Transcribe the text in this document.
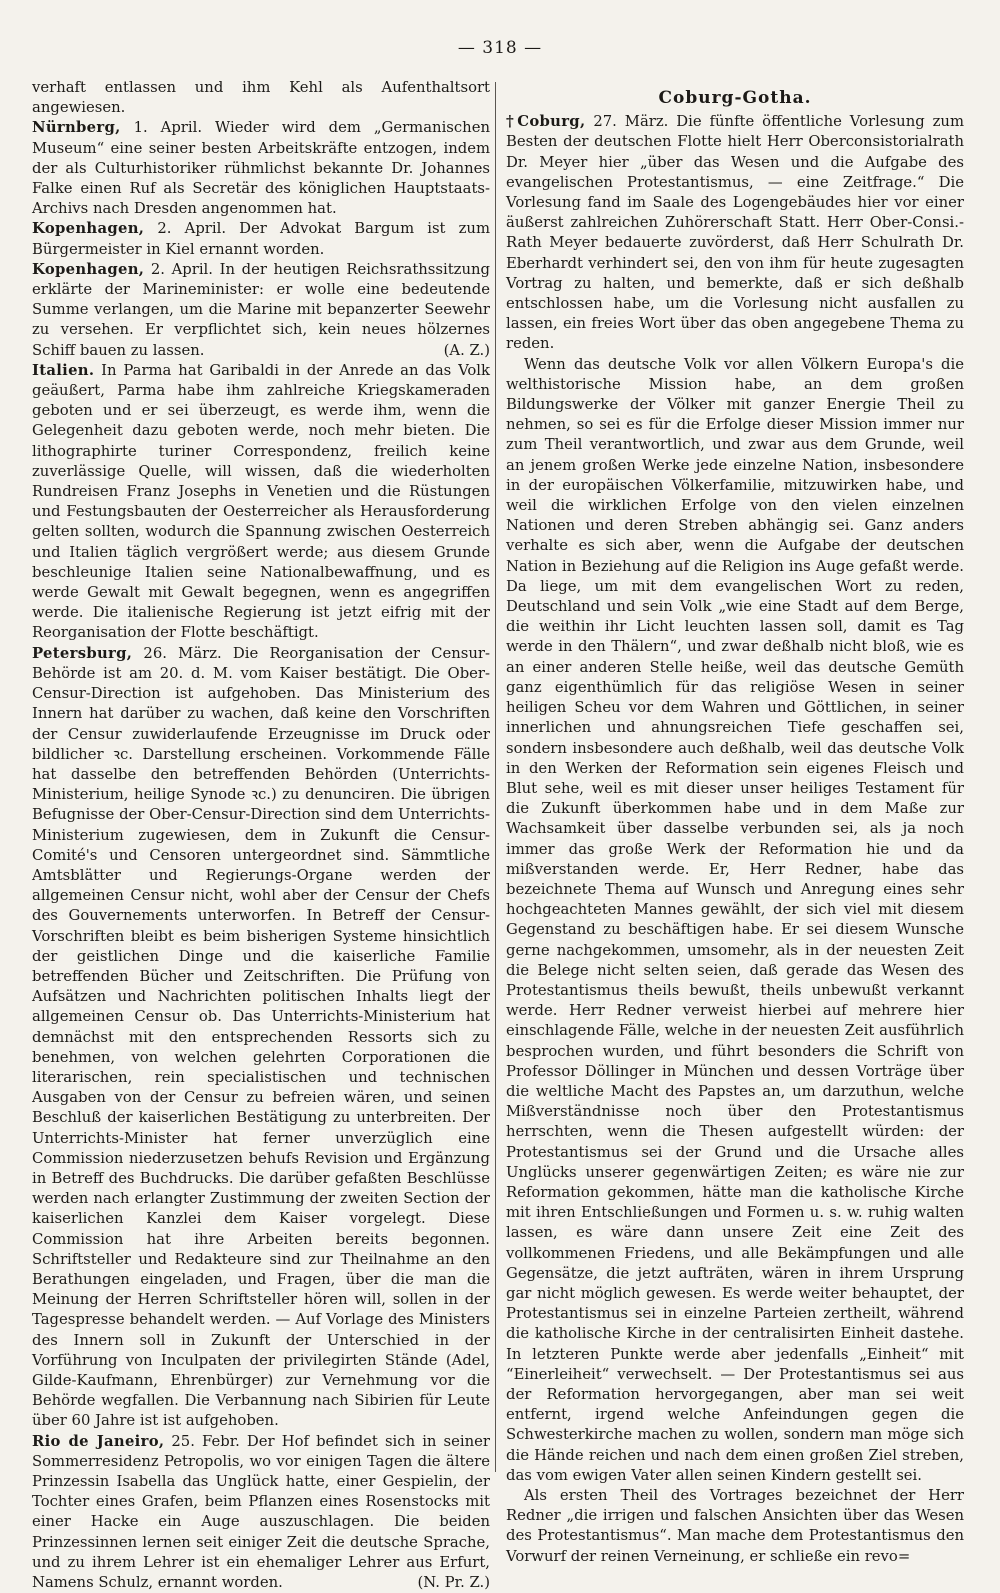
— 318 —

verhaft entlassen und ihm Kehl als Aufenthaltsort angewiesen.

Nürnberg, 1. April. Wieder wird dem „Germanischen Museum“ eine seiner besten Arbeitskräfte entzogen, indem der als Culturhistoriker rühmlichst bekannte Dr. Johannes Falke einen Ruf als Secretär des königlichen Hauptstaats-Archivs nach Dresden angenommen hat.

Kopenhagen, 2. April. Der Advokat Bargum ist zum Bürgermeister in Kiel ernannt worden.

Kopenhagen, 2. April. In der heutigen Reichsrathssitzung erklärte der Marineminister: er wolle eine bedeutende Summe verlangen, um die Marine mit bepanzerter Seewehr zu versehen. Er verpflichtet sich, kein neues hölzernes Schiff bauen zu lassen.	(A. Z.)

Italien. In Parma hat Garibaldi in der Anrede an das Volk geäußert, Parma habe ihm zahlreiche Kriegskameraden geboten und er sei überzeugt, es werde ihm, wenn die Gelegenheit dazu geboten werde, noch mehr bieten. Die lithographirte turiner Correspondenz, freilich keine zuverlässige Quelle, will wissen, daß die wiederholten Rundreisen Franz Josephs in Venetien und die Rüstungen und Festungsbauten der Oesterreicher als Herausforderung gelten sollten, wodurch die Spannung zwischen Oesterreich und Italien täglich vergrößert werde; aus diesem Grunde beschleunige Italien seine Nationalbewaffnung, und es werde Gewalt mit Gewalt begegnen, wenn es angegriffen werde. Die italienische Regierung ist jetzt eifrig mit der Reorganisation der Flotte beschäftigt.

Petersburg, 26. März. Die Reorganisation der Censur-Behörde ist am 20. d. M. vom Kaiser bestätigt. Die Ober-Censur-Direction ist aufgehoben. Das Ministerium des Innern hat darüber zu wachen, daß keine den Vorschriften der Censur zuwiderlaufende Erzeugnisse im Druck oder bildlicher ꝛc. Darstellung erscheinen. Vorkommende Fälle hat dasselbe den betreffenden Behörden (Unterrichts-Ministerium, heilige Synode ꝛc.) zu denunciren. Die übrigen Befugnisse der Ober-Censur-Direction sind dem Unterrichts-Ministerium zugewiesen, dem in Zukunft die Censur-Comité's und Censoren untergeordnet sind. Sämmtliche Amtsblätter und Regierungs-Organe werden der allgemeinen Censur nicht, wohl aber der Censur der Chefs des Gouvernements unterworfen. In Betreff der Censur-Vorschriften bleibt es beim bisherigen Systeme hinsichtlich der geistlichen Dinge und die kaiserliche Familie betreffenden Bücher und Zeitschriften. Die Prüfung von Aufsätzen und Nachrichten politischen Inhalts liegt der allgemeinen Censur ob. Das Unterrichts-Ministerium hat demnächst mit den entsprechenden Ressorts sich zu benehmen, von welchen gelehrten Corporationen die literarischen, rein specialistischen und technischen Ausgaben von der Censur zu befreien wären, und seinen Beschluß der kaiserlichen Bestätigung zu unterbreiten. Der Unterrichts-Minister hat ferner unverzüglich eine Commission niederzusetzen behufs Revision und Ergänzung in Betreff des Buchdrucks. Die darüber gefaßten Beschlüsse werden nach erlangter Zustimmung der zweiten Section der kaiserlichen Kanzlei dem Kaiser vorgelegt. Diese Commission hat ihre Arbeiten bereits begonnen. Schriftsteller und Redakteure sind zur Theilnahme an den Berathungen eingeladen, und Fragen, über die man die Meinung der Herren Schriftsteller hören will, sollen in der Tagespresse behandelt werden. — Auf Vorlage des Ministers des Innern soll in Zukunft der Unterschied in der Vorführung von Inculpaten der privilegirten Stände (Adel, Gilde-Kaufmann, Ehrenbürger) zur Vernehmung vor die Behörde wegfallen. Die Verbannung nach Sibirien für Leute über 60 Jahre ist ist aufgehoben.

Rio de Janeiro, 25. Febr. Der Hof befindet sich in seiner Sommerresidenz Petropolis, wo vor einigen Tagen die ältere Prinzessin Isabella das Unglück hatte, einer Gespielin, der Tochter eines Grafen, beim Pflanzen eines Rosenstocks mit einer Hacke ein Auge auszuschlagen. Die beiden Prinzessinnen lernen seit einiger Zeit die deutsche Sprache, und zu ihrem Lehrer ist ein ehemaliger Lehrer aus Erfurt, Namens Schulz, ernannt worden.	(N. Pr. Z.)

Coburg-Gotha.

†Coburg, 27. März. Die fünfte öffentliche Vorlesung zum Besten der deutschen Flotte hielt Herr Oberconsistorialrath Dr. Meyer hier „über das Wesen und die Aufgabe des evangelischen Protestantismus, — eine Zeitfrage.“ Die Vorlesung fand im Saale des Logengebäudes hier vor einer äußerst zahlreichen Zuhörerschaft Statt. Herr Ober-Consi.-Rath Meyer bedauerte zuvörderst, daß Herr Schulrath Dr. Eberhardt verhindert sei, den von ihm für heute zugesagten Vortrag zu halten, und bemerkte, daß er sich deßhalb entschlossen habe, um die Vorlesung nicht ausfallen zu lassen, ein freies Wort über das oben angegebene Thema zu reden.

Wenn das deutsche Volk vor allen Völkern Europa's die welthistorische Mission habe, an dem großen Bildungswerke der Völker mit ganzer Energie Theil zu nehmen, so sei es für die Erfolge dieser Mission immer nur zum Theil verantwortlich, und zwar aus dem Grunde, weil an jenem großen Werke jede einzelne Nation, insbesondere in der europäischen Völkerfamilie, mitzuwirken habe, und weil die wirklichen Erfolge von den vielen einzelnen Nationen und deren Streben abhängig sei. Ganz anders verhalte es sich aber, wenn die Aufgabe der deutschen Nation in Beziehung auf die Religion ins Auge gefaßt werde. Da liege, um mit dem evangelischen Wort zu reden, Deutschland und sein Volk „wie eine Stadt auf dem Berge, die weithin ihr Licht leuchten lassen soll, damit es Tag werde in den Thälern“, und zwar deßhalb nicht bloß, wie es an einer anderen Stelle heiße, weil das deutsche Gemüth ganz eigenthümlich für das religiöse Wesen in seiner heiligen Scheu vor dem Wahren und Göttlichen, in seiner innerlichen und ahnungsreichen Tiefe geschaffen sei, sondern insbesondere auch deßhalb, weil das deutsche Volk in den Werken der Reformation sein eigenes Fleisch und Blut sehe, weil es mit dieser unser heiliges Testament für die Zukunft überkommen habe und in dem Maße zur Wachsamkeit über dasselbe verbunden sei, als ja noch immer das große Werk der Reformation hie und da mißverstanden werde. Er, Herr Redner, habe das bezeichnete Thema auf Wunsch und Anregung eines sehr hochgeachteten Mannes gewählt, der sich viel mit diesem Gegenstand zu beschäftigen habe. Er sei diesem Wunsche gerne nachgekommen, umsomehr, als in der neuesten Zeit die Belege nicht selten seien, daß gerade das Wesen des Protestantismus theils bewußt, theils unbewußt verkannt werde. Herr Redner verweist hierbei auf mehrere hier einschlagende Fälle, welche in der neuesten Zeit ausführlich besprochen wurden, und führt besonders die Schrift von Professor Döllinger in München und dessen Vorträge über die weltliche Macht des Papstes an, um darzuthun, welche Mißverständnisse noch über den Protestantismus herrschten, wenn die Thesen aufgestellt würden: der Protestantismus sei der Grund und die Ursache alles Unglücks unserer gegenwärtigen Zeiten; es wäre nie zur Reformation gekommen, hätte man die katholische Kirche mit ihren Entschließungen und Formen u. s. w. ruhig walten lassen, es wäre dann unsere Zeit eine Zeit des vollkommenen Friedens, und alle Bekämpfungen und alle Gegensätze, die jetzt aufträten, wären in ihrem Ursprung gar nicht möglich gewesen. Es werde weiter behauptet, der Protestantismus sei in einzelne Parteien zertheilt, während die katholische Kirche in der centralisirten Einheit dastehe. In letzteren Punkte werde aber jedenfalls „Einheit“ mit “Einerleiheit“ verwechselt. — Der Protestantismus sei aus der Reformation hervorgegangen, aber man sei weit entfernt, irgend welche Anfeindungen gegen die Schwesterkirche machen zu wollen, sondern man möge sich die Hände reichen und nach dem einen großen Ziel streben, das vom ewigen Vater allen seinen Kindern gestellt sei.

Als ersten Theil des Vortrages bezeichnet der Herr Redner „die irrigen und falschen Ansichten über das Wesen des Protestantismus“. Man mache dem Protestantismus den Vorwurf der reinen Verneinung, er schließe ein revo=
